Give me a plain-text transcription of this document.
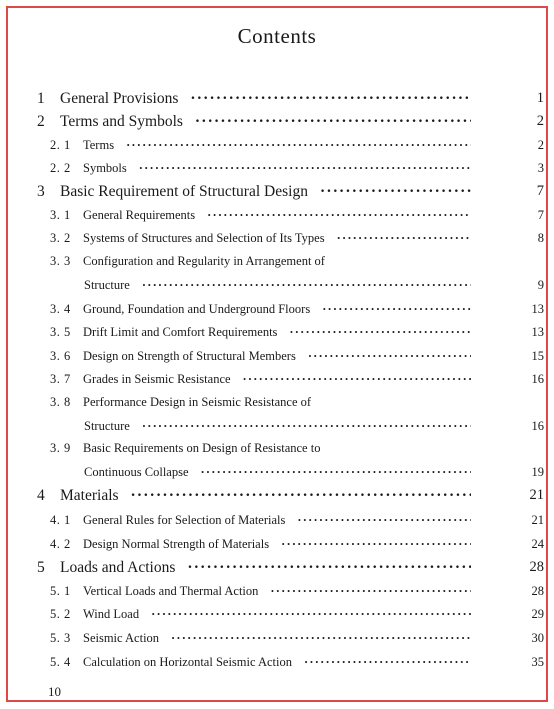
Contents
1 General Provisions ·····	1
2 Terms and Symbols ·····	2
2. 1 Terms ·····	2
2. 2 Symbols ·····	3
3 Basic Requirement of Structural Design ·····	7
3. 1 General Requirements ·····	7
3. 2 Systems of Structures and Selection of Its Types ·····	8
3. 3 Configuration and Regularity in Arrangement of
Structure ·····	9
3. 4 Ground, Foundation and Underground Floors ·····	13
3. 5 Drift Limit and Comfort Requirements ·····	13
3. 6 Design on Strength of Structural Members ·····	15
3. 7 Grades in Seismic Resistance ·····	16
3. 8 Performance Design in Seismic Resistance of
Structure ·····	16
3. 9 Basic Requirements on Design of Resistance to
Continuous Collapse ·····	19
4 Materials ·····	21
4. 1 General Rules for Selection of Materials ·····	21
4. 2 Design Normal Strength of Materials ·····	24
5 Loads and Actions ·····	28
5. 1 Vertical Loads and Thermal Action ·····	28
5. 2 Wind Load ·····	29
5. 3 Seismic Action ·····	30
5. 4 Calculation on Horizontal Seismic Action ·····	35
10
